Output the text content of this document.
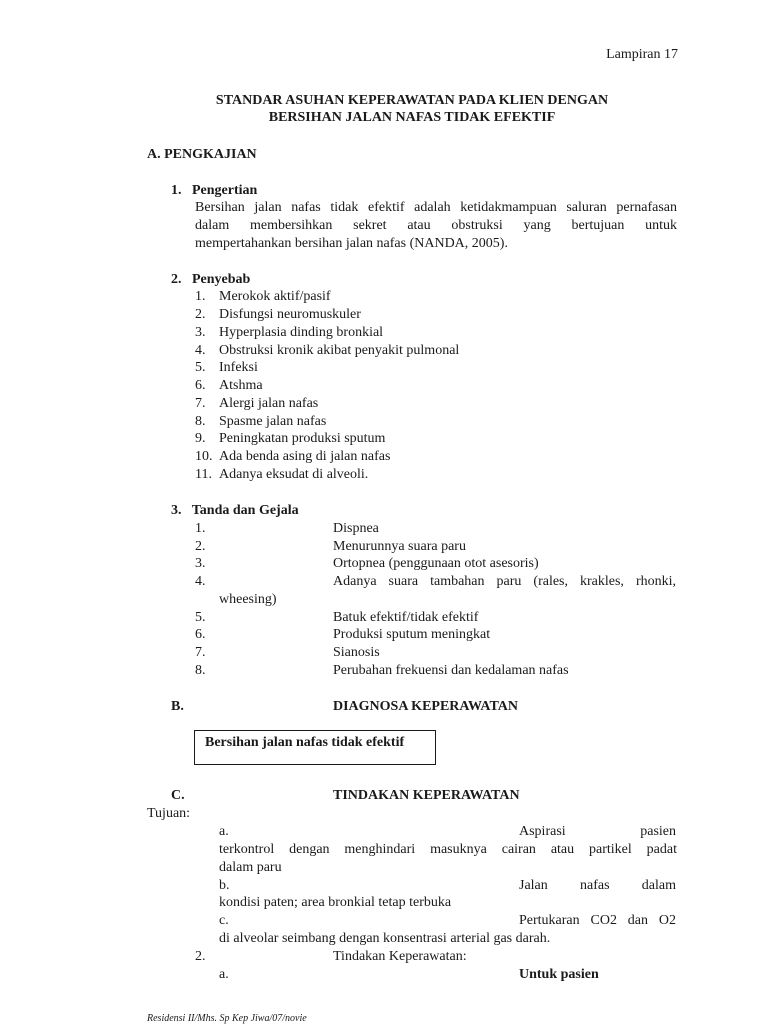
Lampiran 17
STANDAR ASUHAN KEPERAWATAN PADA KLIEN DENGAN
BERSIHAN JALAN NAFAS TIDAK EFEKTIF
A. PENGKAJIAN
1.   Pengertian
Bersihan jalan nafas tidak efektif adalah ketidakmampuan saluran pernafasan
dalam membersihkan sekret atau obstruksi yang bertujuan untuk
mempertahankan bersihan jalan nafas (NANDA, 2005).
2.   Penyebab
1. Merokok aktif/pasif
2. Disfungsi neuromuskuler
3. Hyperplasia dinding bronkial
4. Obstruksi kronik akibat penyakit pulmonal
5. Infeksi
6. Atshma
7. Alergi jalan nafas
8. Spasme jalan nafas
9. Peningkatan produksi sputum
10. Ada benda asing di jalan nafas
11. Adanya eksudat di alveoli.
3.   Tanda dan Gejala
1.	Dispnea
2.	Menurunnya suara paru
3.	Ortopnea (penggunaan otot asesoris)
4.	Adanya suara tambahan paru (rales, krakles, rhonki,
wheesing)
5.	Batuk efektif/tidak efektif
6.	Produksi sputum meningkat
7.	Sianosis
8.	Perubahan frekuensi dan kedalaman nafas
B.	DIAGNOSA KEPERAWATAN
Bersihan jalan nafas tidak efektif
C.	TINDAKAN KEPERAWATAN
Tujuan:
a.	Aspirasi pasien
terkontrol dengan menghindari masuknya cairan atau partikel padat
dalam paru
b.	Jalan nafas dalam
kondisi paten; area bronkial tetap terbuka
c.	Pertukaran CO2 dan O2
di alveolar seimbang dengan konsentrasi arterial gas darah.
2.	Tindakan Keperawatan:
a.	Untuk pasien
Residensi II/Mhs. Sp Kep Jiwa/07/novie
